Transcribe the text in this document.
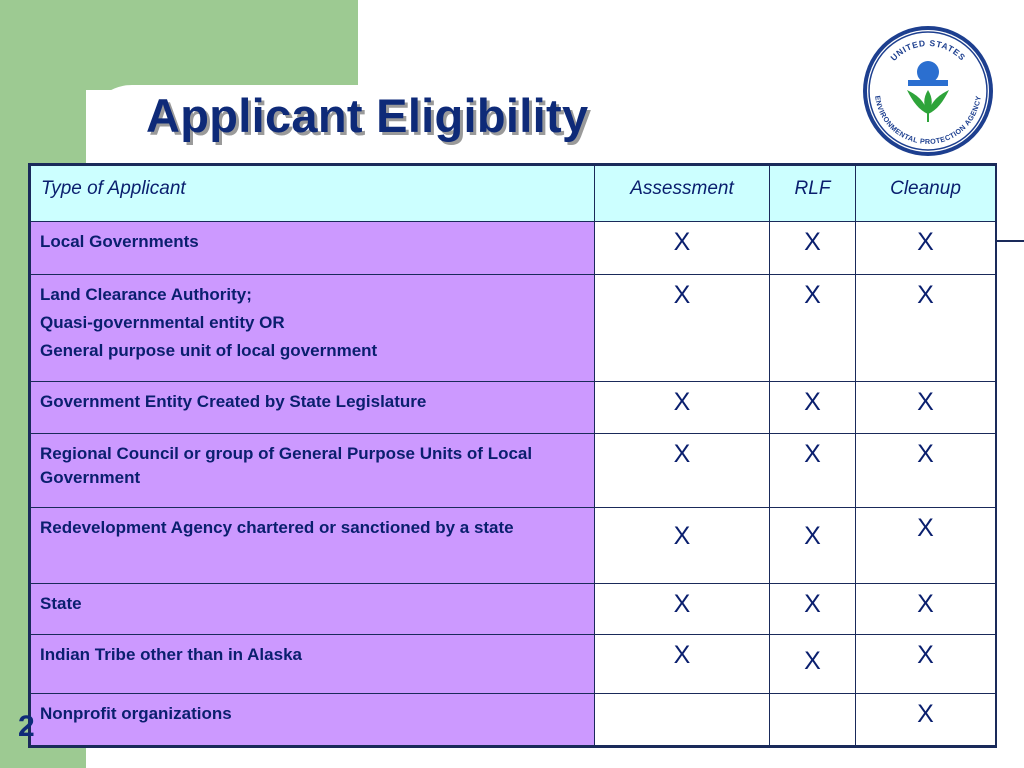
Applicant Eligibility
UNITED STATES
ENVIRONMENTAL PROTECTION AGENCY
Type of Applicant	Assessment	RLF	Cleanup

Local Governments	X	X	X

Land Clearance Authority;
Quasi-governmental entity OR
General purpose unit of local government	X	X	X

Government Entity Created by State Legislature	X	X	X

Regional Council or group of General Purpose Units of Local Government	X	X	X

Redevelopment Agency chartered or sanctioned by a state	X	X	X

State	X	X	X

Indian Tribe other than in Alaska	X	X	X

Nonprofit organizations			X
2
